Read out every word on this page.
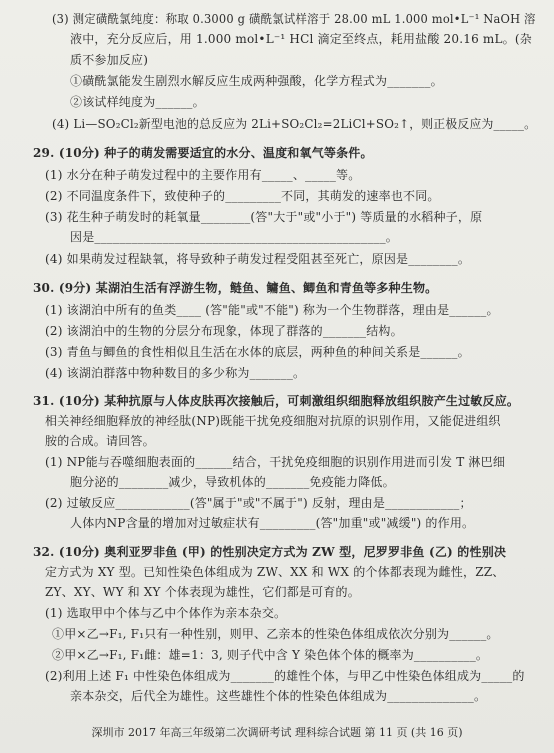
(3) 测定磺酰氯纯度：称取 0.3000 g 磺酰氯试样溶于 28.00 mL 1.000 mol•L⁻¹ NaOH 溶
液中，充分反应后，用 1.000 mol•L⁻¹ HCl 滴定至终点，耗用盐酸 20.16 mL。(杂
质不参加反应)
①磺酰氯能发生剧烈水解反应生成两种强酸，化学方程式为_______。
②该试样纯度为______。
(4) Li—SO₂Cl₂新型电池的总反应为 2Li+SO₂Cl₂=2LiCl+SO₂↑，则正极反应为_____。
29. (10分) 种子的萌发需要适宜的水分、温度和氧气等条件。
(1) 水分在种子萌发过程中的主要作用有_____、_____等。
(2) 不同温度条件下，致使种子的_________不同，其萌发的速率也不同。
(3) 花生种子萌发时的耗氧量________(答"大于"或"小于") 等质量的水稻种子，原
因是_______________________________________________。
(4) 如果萌发过程缺氧，将导致种子萌发过程受阻甚至死亡，原因是________。
30. (9分) 某湖泊生活有浮游生物，鲢鱼、鳙鱼、鲫鱼和青鱼等多种生物。
(1) 该湖泊中所有的鱼类____ (答"能"或"不能") 称为一个生物群落，理由是______。
(2) 该湖泊中的生物的分层分布现象，体现了群落的_______结构。
(3) 青鱼与鲫鱼的食性相似且生活在水体的底层，两种鱼的种间关系是______。
(4) 该湖泊群落中物种数目的多少称为_______。
31. (10分) 某种抗原与人体皮肤再次接触后，可刺激组织细胞释放组织胺产生过敏反应。
相关神经细胞释放的神经肽(NP)既能干扰免疫细胞对抗原的识别作用，又能促进组织
胺的合成。请回答。
(1) NP能与吞噬细胞表面的______结合，干扰免疫细胞的识别作用进而引发 T 淋巴细
胞分泌的________减少，导致机体的_______免疫能力降低。
(2) 过敏反应____________(答"属于"或"不属于") 反射，理由是____________；
人体内NP含量的增加对过敏症状有_________(答"加重"或"减缓") 的作用。
32. (10分) 奥利亚罗非鱼 (甲) 的性别决定方式为 ZW 型，尼罗罗非鱼 (乙) 的性别决
定方式为 XY 型。已知性染色体组成为 ZW、XX 和 WX 的个体都表现为雌性，ZZ、
ZY、XY、WY 和 XY 个体表现为雄性，它们都是可育的。
(1) 选取甲中个体与乙中个体作为亲本杂交。
①甲×乙→F₁, F₁只有一种性别，则甲、乙亲本的性染色体组成依次分别为______。
②甲×乙→F₁, F₁雌：雄=1：3, 则子代中含 Y 染色体个体的概率为__________。
(2)利用上述 F₁ 中性染色体组成为_______的雄性个体，与甲乙中性染色体组成为_____的
亲本杂交，后代全为雄性。这些雄性个体的性染色体组成为______________。
深圳市 2017 年高三年级第二次调研考试 理科综合试题 第 11 页 (共 16 页)
